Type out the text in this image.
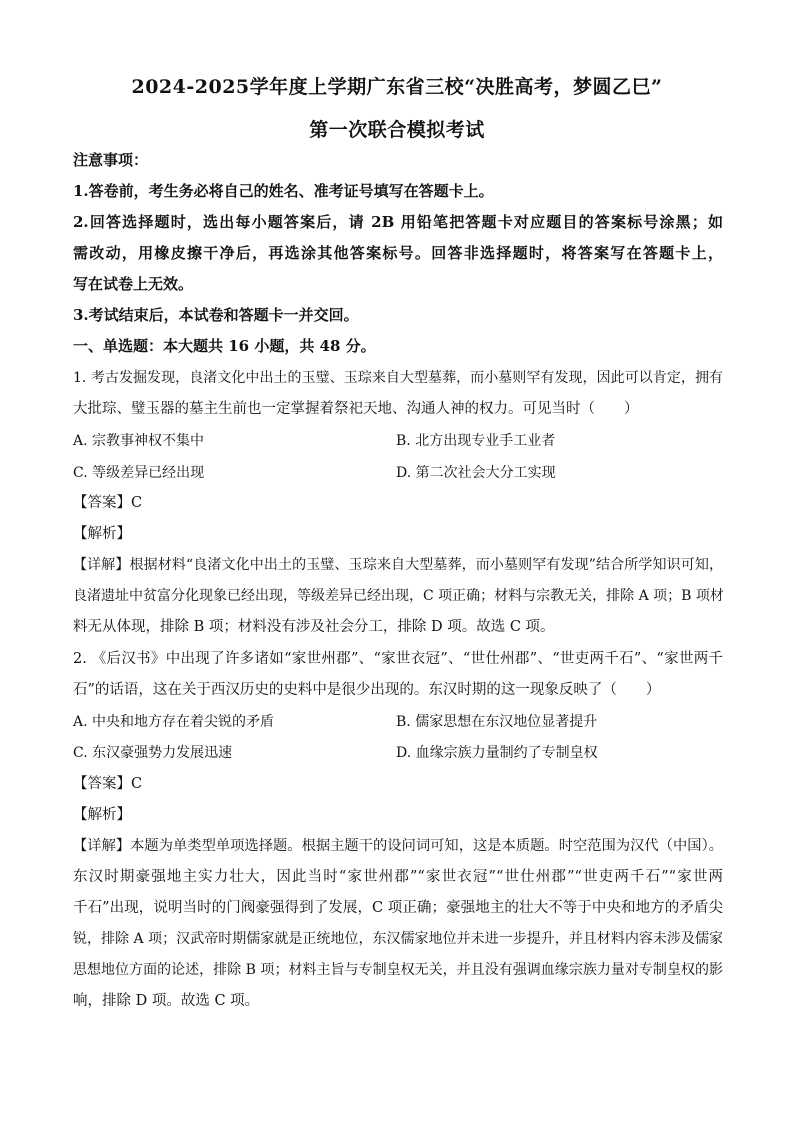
2024-2025学年度上学期广东省三校“决胜高考，梦圆乙巳”
第一次联合模拟考试
注意事项：
1.答卷前，考生务必将自己的姓名、准考证号填写在答题卡上。
2.回答选择题时，选出每小题答案后，请 2B 用铅笔把答题卡对应题目的答案标号涂黑；如
需改动，用橡皮擦干净后，再选涂其他答案标号。回答非选择题时，将答案写在答题卡上，
写在试卷上无效。
3.考试结束后，本试卷和答题卡一并交回。
一、单选题：本大题共 16 小题，共 48 分。
1. 考古发掘发现，良渚文化中出土的玉璧、玉琮来自大型墓葬，而小墓则罕有发现，因此可以肯定，拥有
大批琮、璧玉器的墓主生前也一定掌握着祭祀天地、沟通人神的权力。可见当时（　　）
A. 宗教事神权不集中	B. 北方出现专业手工业者
C. 等级差异已经出现	D. 第二次社会大分工实现
【答案】C
【解析】
【详解】根据材料“良渚文化中出土的玉璧、玉琮来自大型墓葬，而小墓则罕有发现”结合所学知识可知，
良渚遗址中贫富分化现象已经出现，等级差异已经出现，C 项正确；材料与宗教无关，排除 A 项；B 项材
料无从体现，排除 B 项；材料没有涉及社会分工，排除 D 项。故选 C 项。
2. 《后汉书》中出现了许多诸如“家世州郡”、“家世衣冠”、“世仕州郡”、“世吏两千石”、“家世两千
石”的话语，这在关于西汉历史的史料中是很少出现的。东汉时期的这一现象反映了（　　）
A. 中央和地方存在着尖锐的矛盾	B. 儒家思想在东汉地位显著提升
C. 东汉豪强势力发展迅速	D. 血缘宗族力量制约了专制皇权
【答案】C
【解析】
【详解】本题为单类型单项选择题。根据主题干的设问词可知，这是本质题。时空范围为汉代（中国）。
东汉时期豪强地主实力壮大，因此当时“家世州郡”“家世衣冠”“世仕州郡”“世吏两千石”“家世两
千石”出现，说明当时的门阀豪强得到了发展，C 项正确；豪强地主的壮大不等于中央和地方的矛盾尖
锐，排除 A 项；汉武帝时期儒家就是正统地位，东汉儒家地位并未进一步提升，并且材料内容未涉及儒家
思想地位方面的论述，排除 B 项；材料主旨与专制皇权无关，并且没有强调血缘宗族力量对专制皇权的影
响，排除 D 项。故选 C 项。
